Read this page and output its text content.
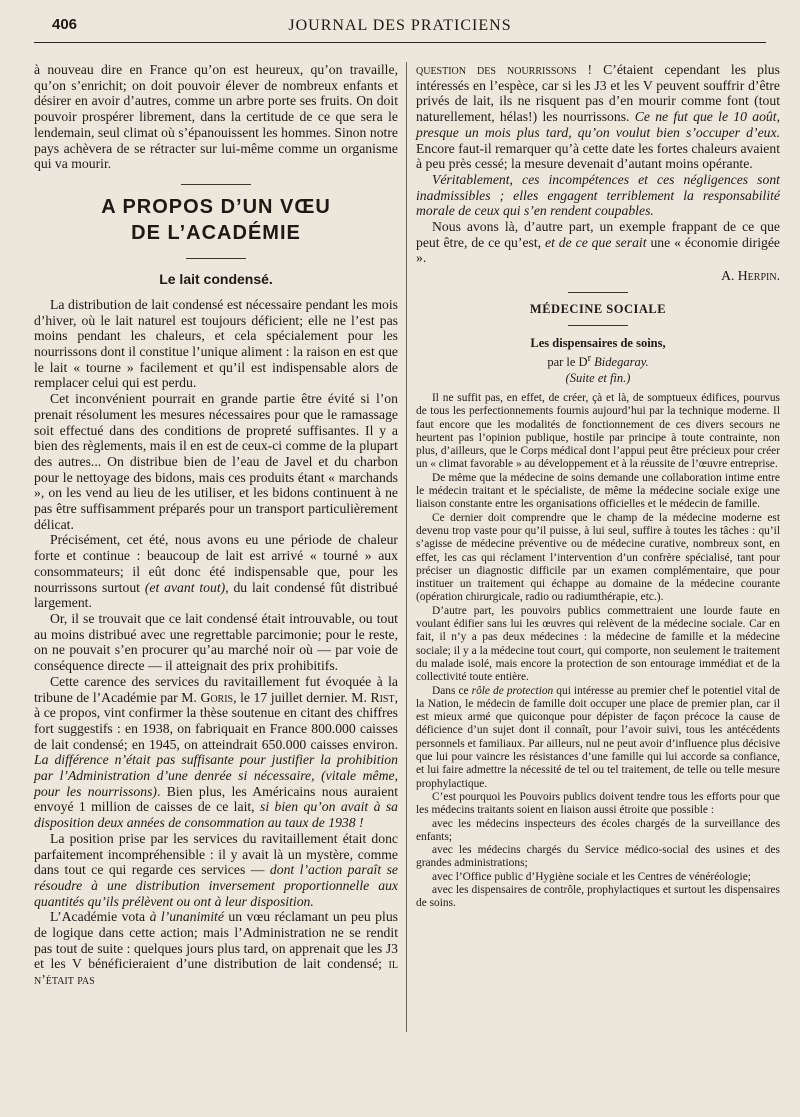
406	JOURNAL DES PRATICIENS

à nouveau dire en France qu’on est heureux, qu’on travaille, qu’on s’enrichit; on doit pouvoir élever de nombreux enfants et désirer en avoir d’autres, comme un arbre porte ses fruits. On doit pouvoir prospérer librement, dans la certitude de ce que sera le lendemain, seul climat où s’épanouissent les hommes. Sinon notre pays achèvera de se rétracter sur lui-même comme un organisme qui va mourir.

A PROPOS D’UN VŒU
DE L’ACADÉMIE
Le lait condensé.

La distribution de lait condensé est nécessaire pendant les mois d’hiver, où le lait naturel est toujours déficient; elle ne l’est pas moins pendant les chaleurs, et cela spécialement pour les nourrissons dont il constitue l’unique aliment : la raison en est que le lait « tourne » facilement et qu’il est indispensable alors de remplacer celui qui est perdu.

Cet inconvénient pourrait en grande partie être évité si l’on prenait résolument les mesures nécessaires pour que le ramassage soit effectué dans des conditions de propreté suffisantes. Il y a bien des règlements, mais il en est de ceux-ci comme de la plupart des autres... On distribue bien de l’eau de Javel et du charbon pour le nettoyage des bidons, mais ces produits étant « marchands », on les vend au lieu de les utiliser, et les bidons continuent à ne pas être suffisamment préparés pour un transport particulièrement délicat.

Précisément, cet été, nous avons eu une période de chaleur forte et continue : beaucoup de lait est arrivé « tourné » aux consommateurs; il eût donc été indispensable que, pour les nourrissons surtout (et avant tout), du lait condensé fût distribué largement.

Or, il se trouvait que ce lait condensé était introuvable, ou tout au moins distribué avec une regrettable parcimonie; pour le reste, on ne pouvait s’en procurer qu’au marché noir où — par voie de conséquence directe — il atteignait des prix prohibitifs.

Cette carence des services du ravitaillement fut évoquée à la tribune de l’Académie par M. Goris, le 17 juillet dernier. M. Rist, à ce propos, vint confirmer la thèse soutenue en citant des chiffres fort suggestifs : en 1938, on fabriquait en France 800.000 caisses de lait condensé; en 1945, on atteindrait 650.000 caisses environ. La différence n’était pas suffisante pour justifier la prohibition par l’Administration d’une denrée si nécessaire, (vitale même, pour les nourrissons). Bien plus, les Américains nous auraient envoyé 1 million de caisses de ce lait, si bien qu’on avait à sa disposition deux années de consommation au taux de 1938 !

La position prise par les services du ravitaillement était donc parfaitement incompréhensible : il y avait là un mystère, comme dans tout ce qui regarde ces services — dont l’action paraît se résoudre à une distribution inversement proportionnelle aux quantités qu’ils prélèvent ou ont à leur disposition.

L’Académie vota à l’unanimité un vœu réclamant un peu plus de logique dans cette action; mais l’Administration ne se rendit pas tout de suite : quelques jours plus tard, on apprenait que les J3 et les V bénéficieraient d’une distribution de lait condensé; il n’était pas

question des nourrissons ! C’étaient cependant les plus intéressés en l’espèce, car si les J3 et les V peuvent souffrir d’être privés de lait, ils ne risquent pas d’en mourir comme font (tout naturellement, hélas!) les nourrissons. Ce ne fut que le 10 août, presque un mois plus tard, qu’on voulut bien s’occuper d’eux. Encore faut-il remarquer qu’à cette date les fortes chaleurs avaient à peu près cessé; la mesure devenait d’autant moins opérante.

Véritablement, ces incompétences et ces négligences sont inadmissibles ; elles engagent terriblement la responsabilité morale de ceux qui s’en rendent coupables.

Nous avons là, d’autre part, un exemple frappant de ce que peut être, de ce qu’est, et de ce que serait une « économie dirigée ».

A. Herpin.

MÉDECINE SOCIALE
Les dispensaires de soins,
par le $D^r$ Bidegaray.
(Suite et fin.)

Il ne suffit pas, en effet, de créer, çà et là, de somptueux édifices, pourvus de tous les perfectionnements fournis aujourd’hui par la technique moderne. Il faut encore que les modalités de fonctionnement de ces divers secours ne heurtent pas l’opinion publique, hostile par principe à toute contrainte, non plus, d’ailleurs, que le Corps médical dont l’appui peut être précieux pour créer un « climat favorable » au développement et à la réussite de l’œuvre entreprise.

De même que la médecine de soins demande une collaboration intime entre le médecin traitant et le spécialiste, de même la médecine sociale exige une liaison constante entre les organisations officielles et le médecin de famille.

Ce dernier doit comprendre que le champ de la médecine moderne est devenu trop vaste pour qu’il puisse, à lui seul, suffire à toutes les tâches : qu’il s’agisse de médecine préventive ou de médecine curative, nombreux sont, en effet, les cas qui réclament l’intervention d’un confrère spécialisé, tant pour préciser un diagnostic difficile par un examen complémentaire, que pour instituer un traitement qui échappe au domaine de la médecine courante (opération chirurgicale, radio ou radiumthérapie, etc.).

D’autre part, les pouvoirs publics commettraient une lourde faute en voulant édifier sans lui les œuvres qui relèvent de la médecine sociale. Car en fait, il n’y a pas deux médecines : la médecine de famille et la médecine sociale; il y a la médecine tout court, qui comporte, non seulement le traitement du malade isolé, mais encore la protection de son entourage immédiat et de la collectivité toute entière.

Dans ce rôle de protection qui intéresse au premier chef le potentiel vital de la Nation, le médecin de famille doit occuper une place de premier plan, car il est mieux armé que quiconque pour dépister de façon précoce la cause de déficience d’un sujet dont il connaît, pour l’avoir suivi, tous les antécédents personnels et familiaux. Par ailleurs, nul ne peut avoir d’influence plus décisive que lui pour vaincre les résistances d’une famille qui lui accorde sa confiance, et lui faire admettre la nécessité de tel ou tel traitement, de telle ou telle mesure prophylactique.

C’est pourquoi les Pouvoirs publics doivent tendre tous les efforts pour que les médecins traitants soient en liaison aussi étroite que possible :

avec les médecins inspecteurs des écoles chargés de la surveillance des enfants;

avec les médecins chargés du Service médico-social des usines et des grandes administrations;

avec l’Office public d’Hygiène sociale et les Centres de vénéréologie;

avec les dispensaires de contrôle, prophylactiques et surtout les dispensaires de soins.
